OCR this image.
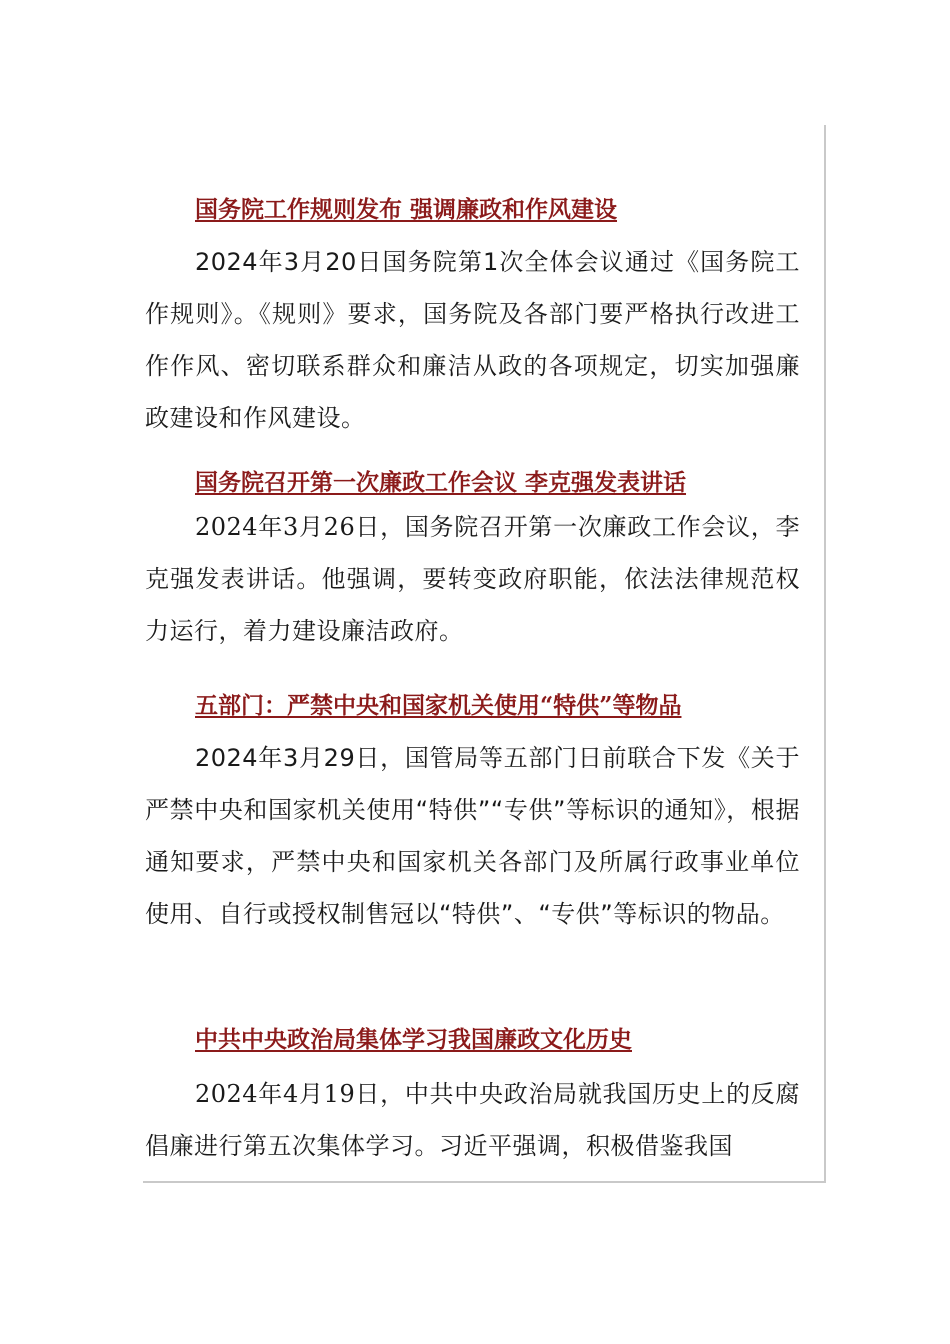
国务院工作规则发布 强调廉政和作风建设

2024年3月20日国务院第1次全体会议通过《国务院工作规则》。《规则》要求，国务院及各部门要严格执行改进工作作风、密切联系群众和廉洁从政的各项规定，切实加强廉政建设和作风建设。

国务院召开第一次廉政工作会议 李克强发表讲话

2024年3月26日，国务院召开第一次廉政工作会议，李克强发表讲话。他强调，要转变政府职能，依法法律规范权力运行，着力建设廉洁政府。

五部门：严禁中央和国家机关使用“特供”等物品

2024年3月29日，国管局等五部门日前联合下发《关于严禁中央和国家机关使用“特供”“专供”等标识的通知》，根据通知要求，严禁中央和国家机关各部门及所属行政事业单位使用、自行或授权制售冠以“特供”、“专供”等标识的物品。

中共中央政治局集体学习我国廉政文化历史

2024年4月19日，中共中央政治局就我国历史上的反腐倡廉进行第五次集体学习。习近平强调，积极借鉴我国
